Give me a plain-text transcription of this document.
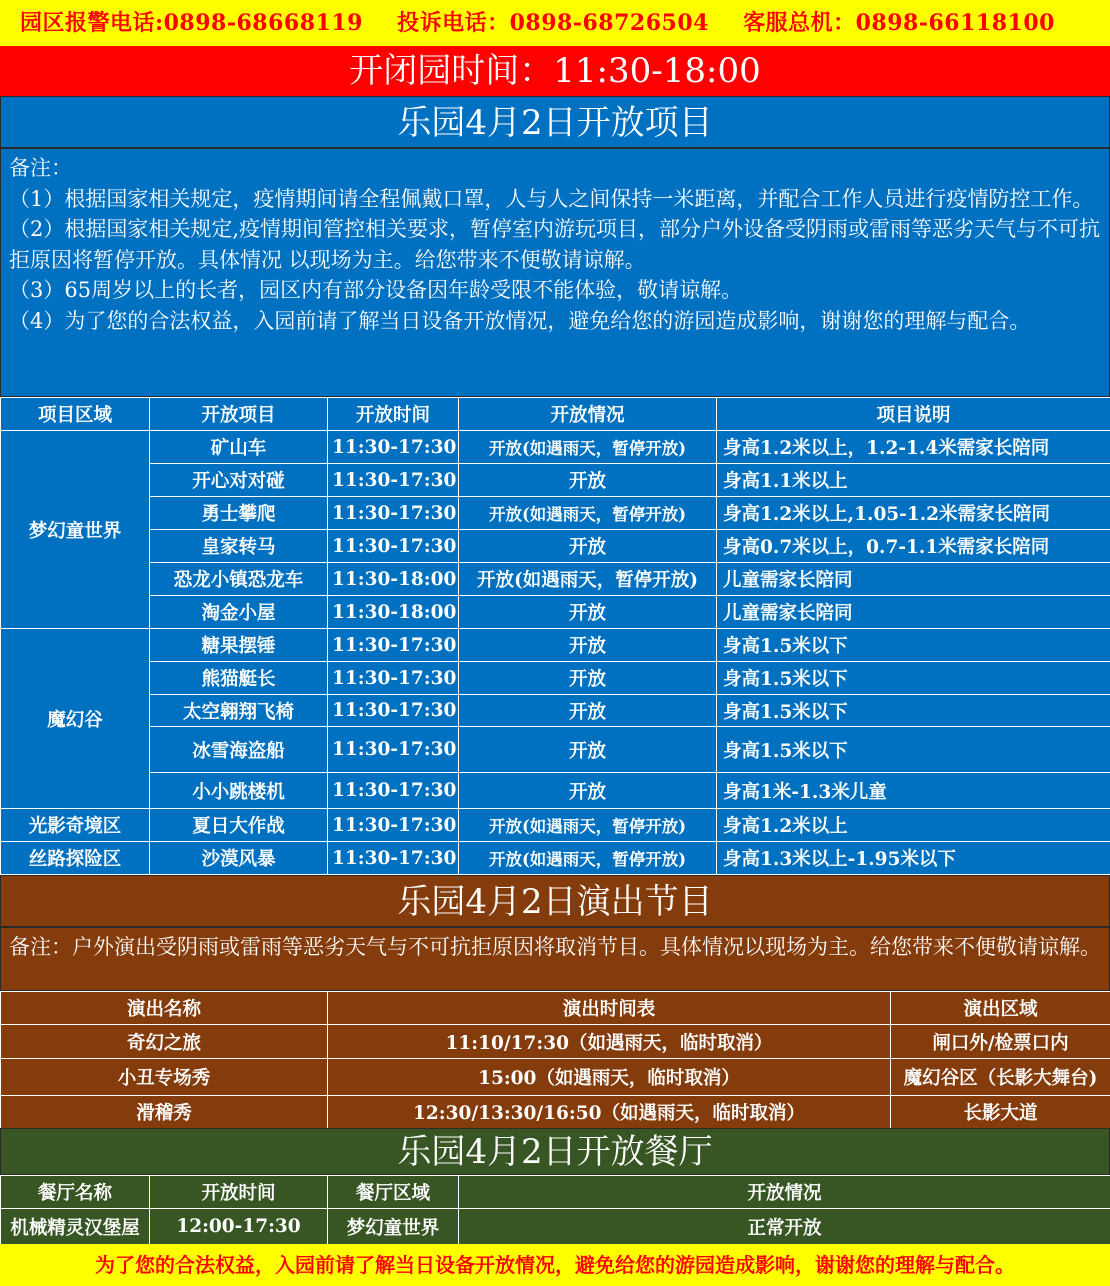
园区报警电话:0898-68668119 投诉电话：0898-68726504 客服总机：0898-66118100
开闭园时间：11:30-18:00
乐园4月2日开放项目

备注：

（1）根据国家相关规定，疫情期间请全程佩戴口罩，人与人之间保持一米距离，并配合工作人员进行疫情防控工作。

（2）根据国家相关规定,疫情期间管控相关要求，暂停室内游玩项目，部分户外设备受阴雨或雷雨等恶劣天气与不可抗拒原因将暂停开放。具体情况 以现场为主。给您带来不便敬请谅解。

（3）65周岁以上的长者，园区内有部分设备因年龄受限不能体验，敬请谅解。

（4）为了您的合法权益，入园前请了解当日设备开放情况，避免给您的游园造成影响，谢谢您的理解与配合。

项目区域	开放项目	开放时间	开放情况	项目说明
梦幻童世界	矿山车	11:30-17:30	开放(如遇雨天，暂停开放)	身高1.2米以上，1.2-1.4米需家长陪同
	开心对对碰	11:30-17:30	开放	身高1.1米以上
	勇士攀爬	11:30-17:30	开放(如遇雨天，暂停开放)	身高1.2米以上,1.05-1.2米需家长陪同
	皇家转马	11:30-17:30	开放	身高0.7米以上，0.7-1.1米需家长陪同
	恐龙小镇恐龙车	11:30-18:00	开放(如遇雨天，暂停开放)	儿童需家长陪同
	淘金小屋	11:30-18:00	开放	儿童需家长陪同
魔幻谷	糖果摆锤	11:30-17:30	开放	身高1.5米以下
	熊猫艇长	11:30-17:30	开放	身高1.5米以下
	太空翱翔飞椅	11:30-17:30	开放	身高1.5米以下
	冰雪海盗船	11:30-17:30	开放	身高1.5米以下
	小小跳楼机	11:30-17:30	开放	身高1米-1.3米儿童
光影奇境区	夏日大作战	11:30-17:30	开放(如遇雨天，暂停开放)	身高1.2米以上
丝路探险区	沙漠风暴	11:30-17:30	开放(如遇雨天，暂停开放)	身高1.3米以上-1.95米以下
乐园4月2日演出节目

备注：户外演出受阴雨或雷雨等恶劣天气与不可抗拒原因将取消节目。具体情况以现场为主。给您带来不便敬请谅解。

演出名称	演出时间表	演出区域
奇幻之旅	11:10/17:30（如遇雨天，临时取消）	闸口外/检票口内
小丑专场秀	15:00（如遇雨天，临时取消）	魔幻谷区（长影大舞台)
滑稽秀	12:30/13:30/16:50（如遇雨天，临时取消）	长影大道
乐园4月2日开放餐厅
餐厅名称	开放时间	餐厅区域	开放情况
机械精灵汉堡屋	12:00-17:30	梦幻童世界	正常开放
为了您的合法权益，入园前请了解当日设备开放情况，避免给您的游园造成影响，谢谢您的理解与配合。
